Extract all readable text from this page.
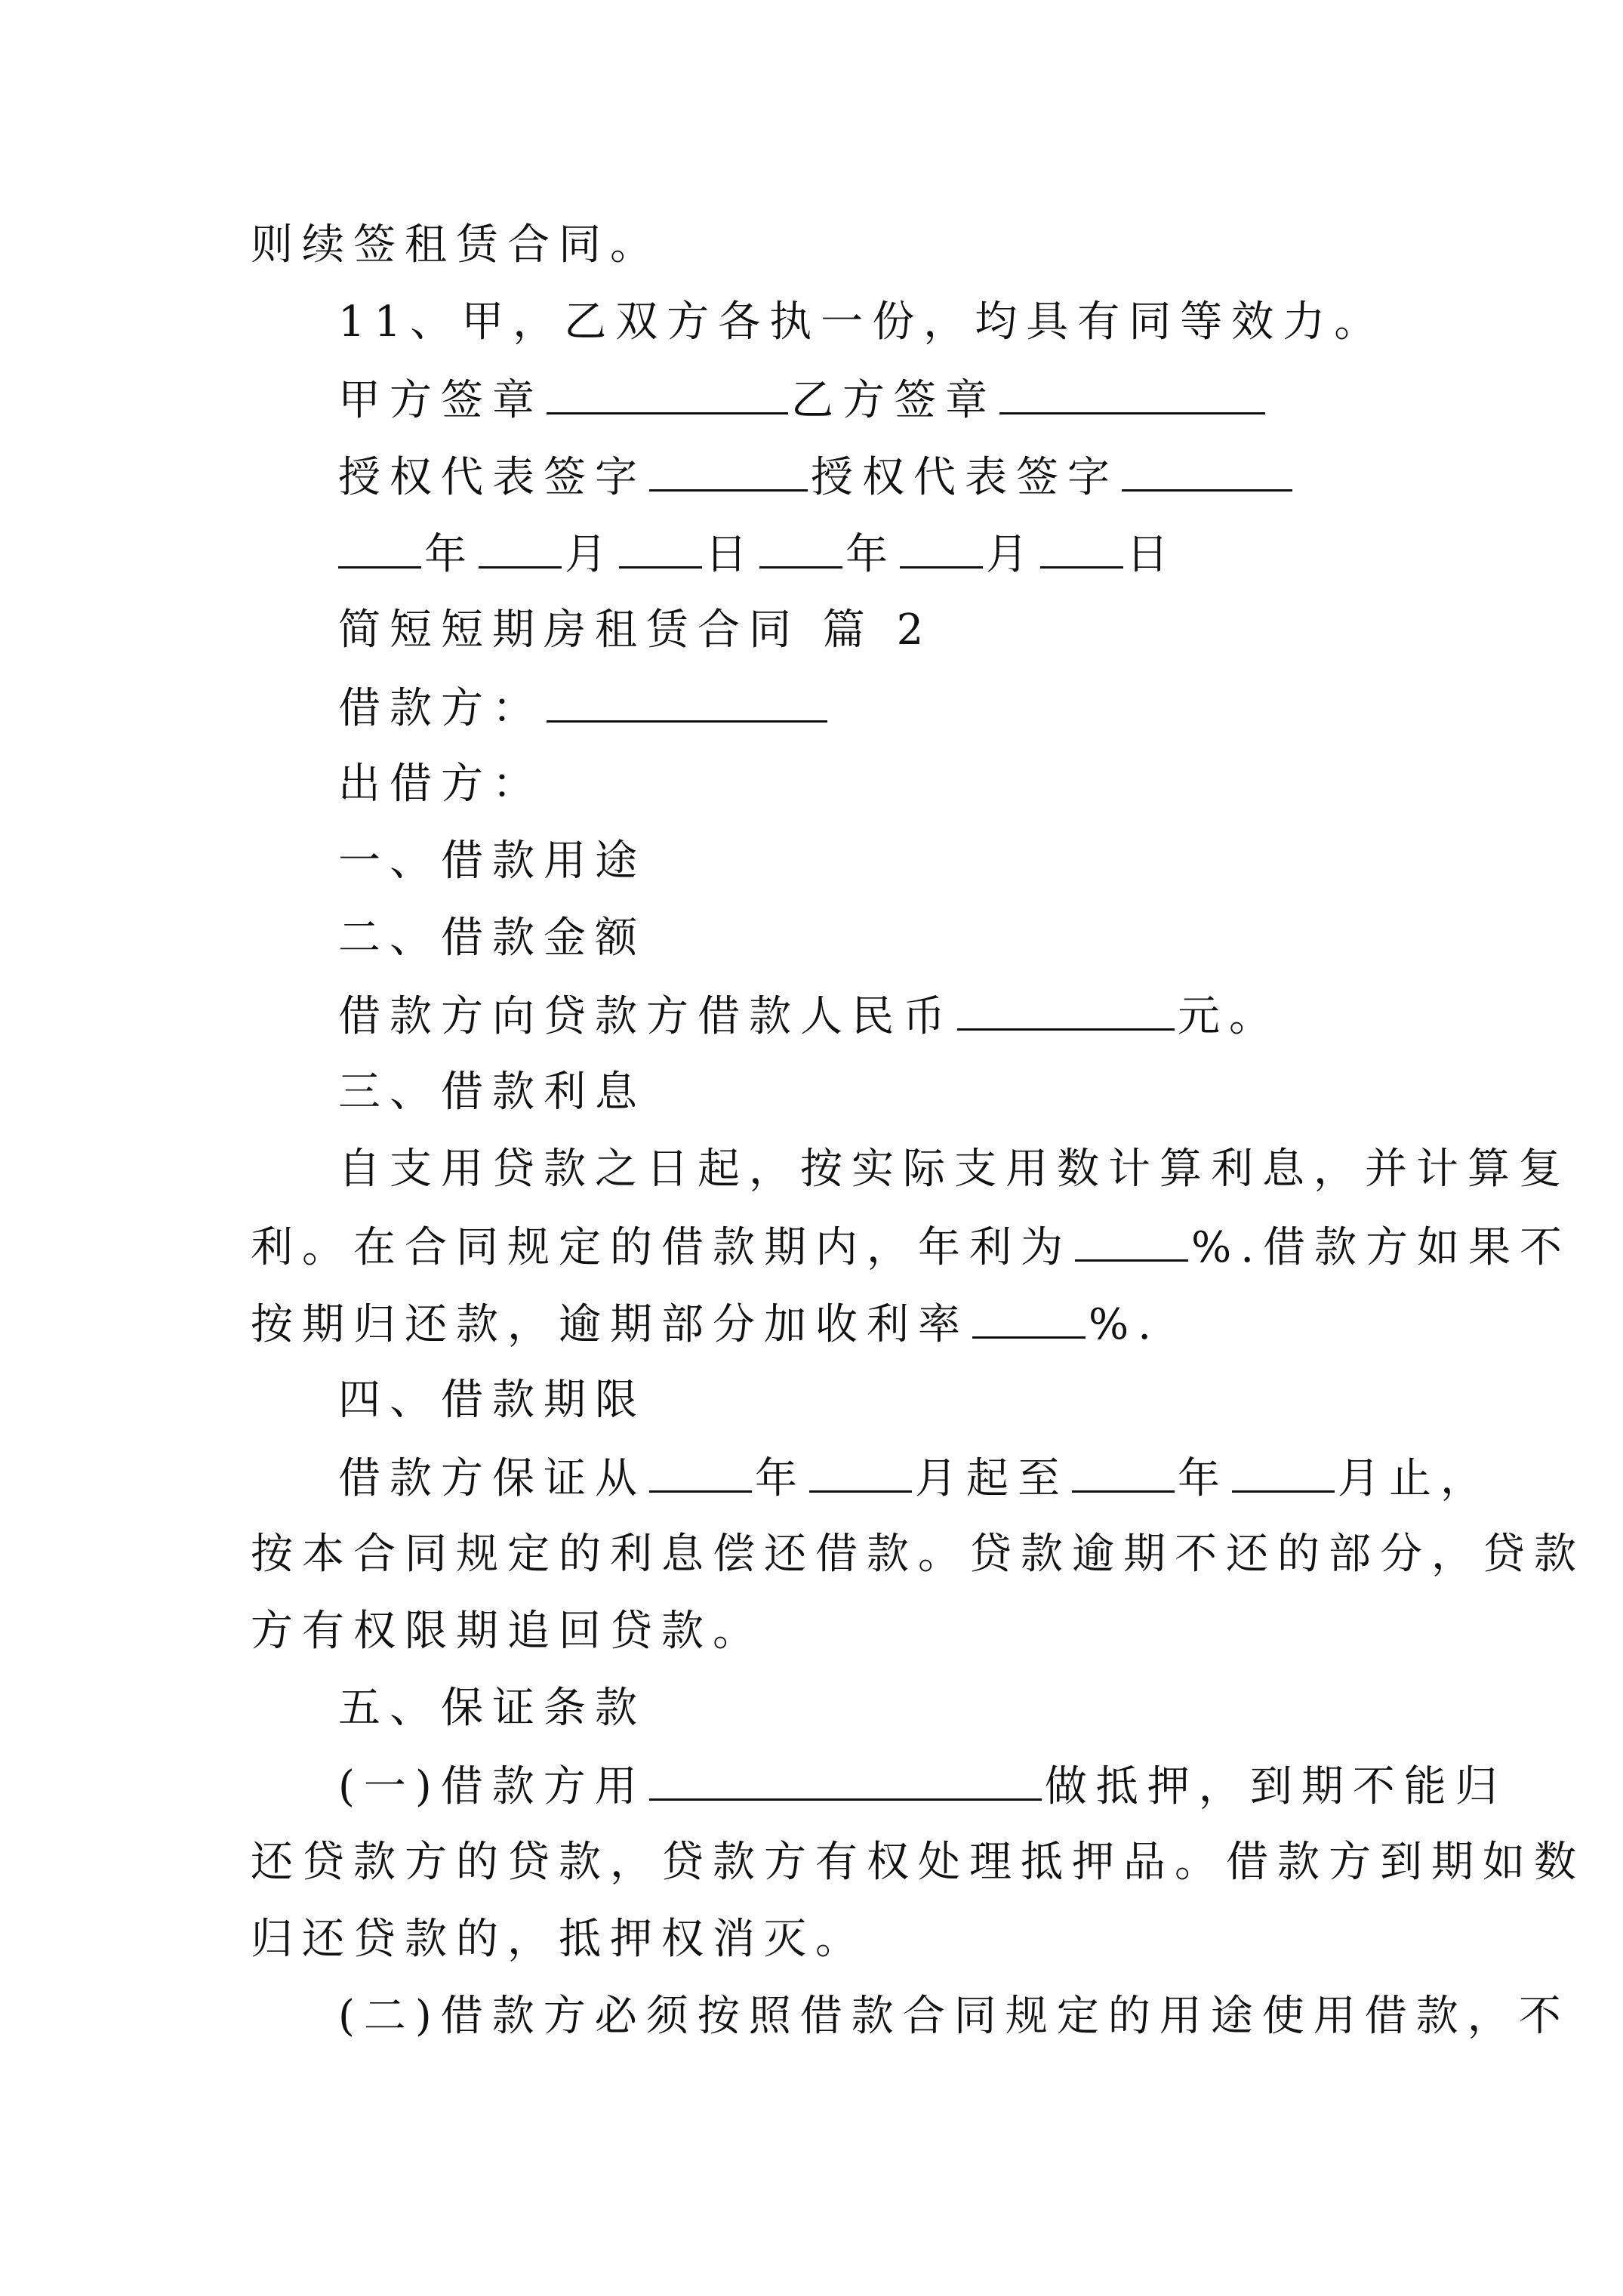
则续签租赁合同。
11、甲，乙双方各执一份，均具有同等效力。
甲方签章	乙方签章
授权代表签字	授权代表签字
年 月 日 年 月 日
简短短期房租赁合同 篇 2
借款方：
出借方：
一、借款用途
二、借款金额
借款方向贷款方借款人民币	元。
三、借款利息
自支用贷款之日起，按实际支用数计算利息，并计算复
利。在合同规定的借款期内，年利为	%.借款方如果不
按期归还款，逾期部分加收利率	%.
四、借款期限
借款方保证从	年	月起至	年	月止，
按本合同规定的利息偿还借款。贷款逾期不还的部分，贷款
方有权限期追回贷款。
五、保证条款
(一)借款方用	做抵押，到期不能归
还贷款方的贷款，贷款方有权处理抵押品。借款方到期如数
归还贷款的，抵押权消灭。
(二)借款方必须按照借款合同规定的用途使用借款，不
